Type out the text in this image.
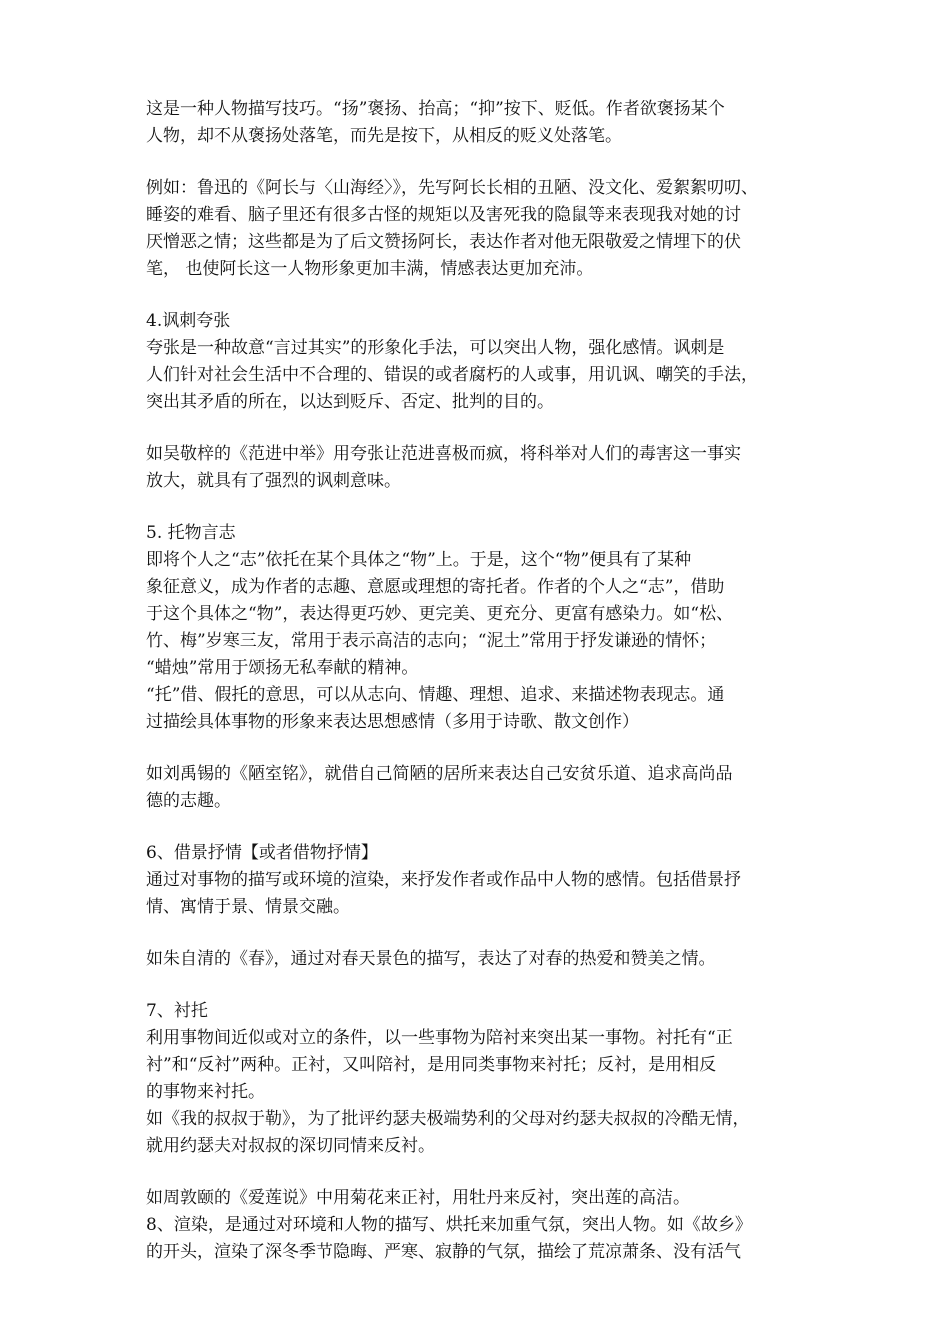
这是一种人物描写技巧。“扬”褒扬、抬高；“抑”按下、贬低。作者欲褒扬某个
人物，却不从褒扬处落笔，而先是按下，从相反的贬义处落笔。
例如：鲁迅的《阿长与〈山海经〉》，先写阿长长相的丑陋、没文化、爱絮絮叨叨、
睡姿的难看、脑子里还有很多古怪的规矩以及害死我的隐鼠等来表现我对她的讨
厌憎恶之情；这些都是为了后文赞扬阿长，表达作者对他无限敬爱之情埋下的伏
笔， 也使阿长这一人物形象更加丰满，情感表达更加充沛。
4.讽刺夸张
夸张是一种故意“言过其实”的形象化手法，可以突出人物，强化感情。讽刺是
人们针对社会生活中不合理的、错误的或者腐朽的人或事，用讥讽、嘲笑的手法，
突出其矛盾的所在，以达到贬斥、否定、批判的目的。
如吴敬梓的《范进中举》用夸张让范进喜极而疯，将科举对人们的毒害这一事实
放大，就具有了强烈的讽刺意味。
5. 托物言志
即将个人之“志”依托在某个具体之“物”上。于是，这个“物”便具有了某种
象征意义，成为作者的志趣、意愿或理想的寄托者。作者的个人之“志”，借助
于这个具体之“物”，表达得更巧妙、更完美、更充分、更富有感染力。如“松、
竹、梅”岁寒三友，常用于表示高洁的志向；“泥土”常用于抒发谦逊的情怀；
“蜡烛”常用于颂扬无私奉献的精神。
“托”借、假托的意思，可以从志向、情趣、理想、追求、来描述物表现志。通
过描绘具体事物的形象来表达思想感情（多用于诗歌、散文创作）
如刘禹锡的《陋室铭》，就借自己简陋的居所来表达自己安贫乐道、追求高尚品
德的志趣。
6、借景抒情【或者借物抒情】
通过对事物的描写或环境的渲染，来抒发作者或作品中人物的感情。包括借景抒
情、寓情于景、情景交融。
如朱自清的《春》，通过对春天景色的描写，表达了对春的热爱和赞美之情。
7、衬托
利用事物间近似或对立的条件，以一些事物为陪衬来突出某一事物。衬托有“正
衬”和“反衬”两种。正衬，又叫陪衬，是用同类事物来衬托；反衬，是用相反
的事物来衬托。
如《我的叔叔于勒》，为了批评约瑟夫极端势利的父母对约瑟夫叔叔的冷酷无情，
就用约瑟夫对叔叔的深切同情来反衬。
如周敦颐的《爱莲说》中用菊花来正衬，用牡丹来反衬，突出莲的高洁。
8、渲染，是通过对环境和人物的描写、烘托来加重气氛，突出人物。如《故乡》
的开头，渲染了深冬季节隐晦、严寒、寂静的气氛，描绘了荒凉萧条、没有活气
